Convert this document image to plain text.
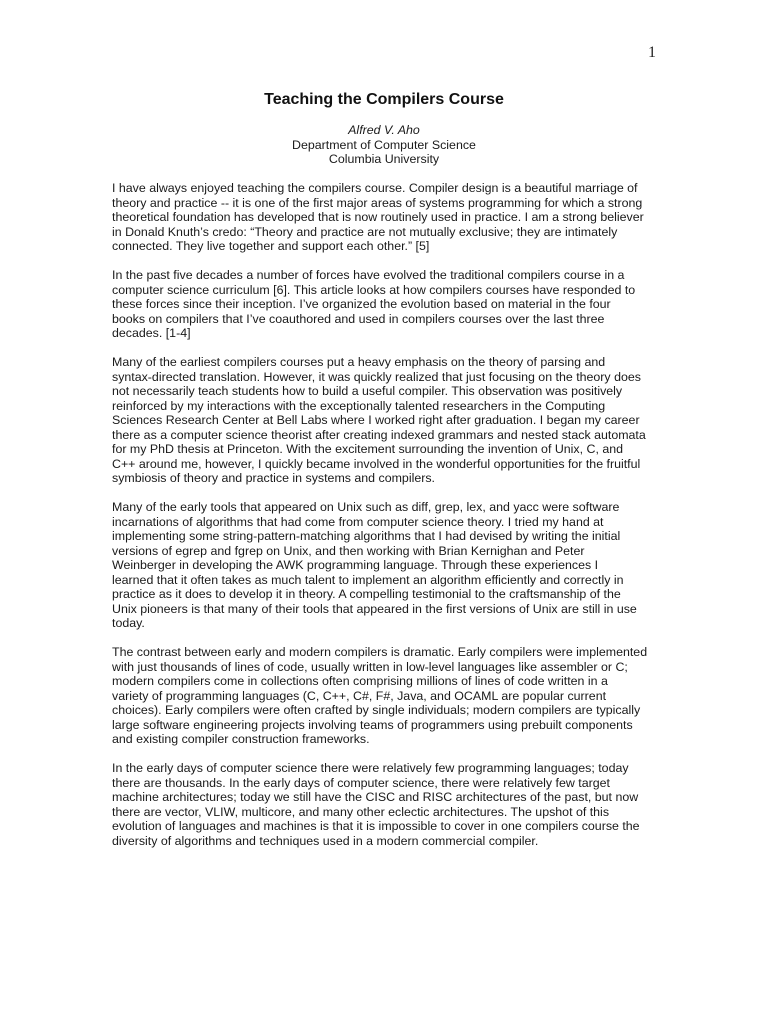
1
Teaching the Compilers Course
Alfred V. Aho
Department of Computer Science
Columbia University

I have always enjoyed teaching the compilers course. Compiler design is a beautiful marriage of
theory and practice -- it is one of the first major areas of systems programming for which a strong
theoretical foundation has developed that is now routinely used in practice. I am a strong believer
in Donald Knuth’s credo: “Theory and practice are not mutually exclusive; they are intimately
connected. They live together and support each other.” [5]

In the past five decades a number of forces have evolved the traditional compilers course in a
computer science curriculum [6]. This article looks at how compilers courses have responded to
these forces since their inception. I’ve organized the evolution based on material in the four
books on compilers that I’ve coauthored and used in compilers courses over the last three
decades. [1-4]

Many of the earliest compilers courses put a heavy emphasis on the theory of parsing and
syntax-directed translation. However, it was quickly realized that just focusing on the theory does
not necessarily teach students how to build a useful compiler. This observation was positively
reinforced by my interactions with the exceptionally talented researchers in the Computing
Sciences Research Center at Bell Labs where I worked right after graduation. I began my career
there as a computer science theorist after creating indexed grammars and nested stack automata
for my PhD thesis at Princeton. With the excitement surrounding the invention of Unix, C, and
C++ around me, however, I quickly became involved in the wonderful opportunities for the fruitful
symbiosis of theory and practice in systems and compilers.

Many of the early tools that appeared on Unix such as diff, grep, lex, and yacc were software
incarnations of algorithms that had come from computer science theory. I tried my hand at
implementing some string-pattern-matching algorithms that I had devised by writing the initial
versions of egrep and fgrep on Unix, and then working with Brian Kernighan and Peter
Weinberger in developing the AWK programming language. Through these experiences I
learned that it often takes as much talent to implement an algorithm efficiently and correctly in
practice as it does to develop it in theory. A compelling testimonial to the craftsmanship of the
Unix pioneers is that many of their tools that appeared in the first versions of Unix are still in use
today.

The contrast between early and modern compilers is dramatic. Early compilers were implemented
with just thousands of lines of code, usually written in low-level languages like assembler or C;
modern compilers come in collections often comprising millions of lines of code written in a
variety of programming languages (C, C++, C#, F#, Java, and OCAML are popular current
choices). Early compilers were often crafted by single individuals; modern compilers are typically
large software engineering projects involving teams of programmers using prebuilt components
and existing compiler construction frameworks.

In the early days of computer science there were relatively few programming languages; today
there are thousands. In the early days of computer science, there were relatively few target
machine architectures; today we still have the CISC and RISC architectures of the past, but now
there are vector, VLIW, multicore, and many other eclectic architectures. The upshot of this
evolution of languages and machines is that it is impossible to cover in one compilers course the
diversity of algorithms and techniques used in a modern commercial compiler.
